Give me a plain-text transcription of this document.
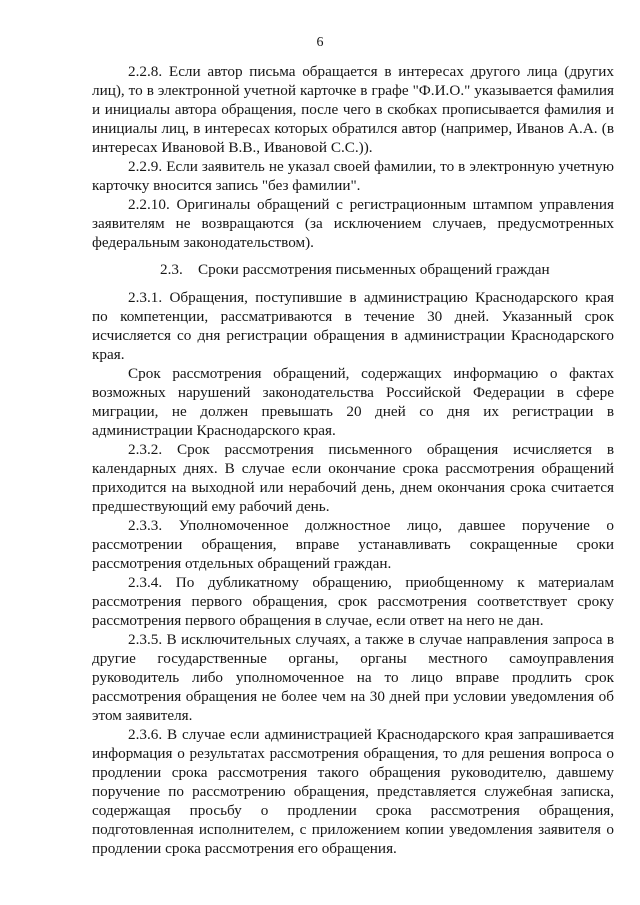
6
2.2.8. Если автор письма обращается в интересах другого лица (других
лиц), то в электронной учетной карточке в графе "Ф.И.О." указывается фамилия
и инициалы автора обращения, после чего в скобках прописывается фамилия и
инициалы лиц, в интересах которых обратился автор (например, Иванов А.А. (в
интересах Ивановой В.В., Ивановой С.С.)).
2.2.9. Если заявитель не указал своей фамилии, то в электронную учетную
карточку вносится запись "без фамилии".
2.2.10. Оригиналы обращений с регистрационным штампом управления
заявителям не возвращаются (за исключением случаев, предусмотренных
федеральным законодательством).
2.3.    Сроки рассмотрения письменных обращений граждан
2.3.1. Обращения, поступившие в администрацию Краснодарского края
по компетенции, рассматриваются в течение 30 дней. Указанный срок
исчисляется со дня регистрации обращения в администрации Краснодарского
края.
Срок рассмотрения обращений, содержащих информацию о фактах
возможных нарушений законодательства Российской Федерации в сфере
миграции, не должен превышать 20 дней со дня их регистрации в
администрации Краснодарского края.
2.3.2. Срок рассмотрения письменного обращения исчисляется в
календарных днях. В случае если окончание срока рассмотрения обращений
приходится на выходной или нерабочий день, днем окончания срока считается
предшествующий ему рабочий день.
2.3.3. Уполномоченное должностное лицо, давшее поручение о
рассмотрении обращения, вправе устанавливать сокращенные сроки
рассмотрения отдельных обращений граждан.
2.3.4. По дубликатному обращению, приобщенному к материалам
рассмотрения первого обращения, срок рассмотрения соответствует сроку
рассмотрения первого обращения в случае, если ответ на него не дан.
2.3.5. В исключительных случаях, а также в случае направления запроса в
другие государственные органы, органы местного самоуправления
руководитель либо уполномоченное на то лицо вправе продлить срок
рассмотрения обращения не более чем на 30 дней при условии уведомления об
этом заявителя.
2.3.6. В случае если администрацией Краснодарского края запрашивается
информация о результатах рассмотрения обращения, то для решения вопроса о
продлении срока рассмотрения такого обращения руководителю, давшему
поручение по рассмотрению обращения, представляется служебная записка,
содержащая просьбу о продлении срока рассмотрения обращения,
подготовленная исполнителем, с приложением копии уведомления заявителя о
продлении срока рассмотрения его обращения.
